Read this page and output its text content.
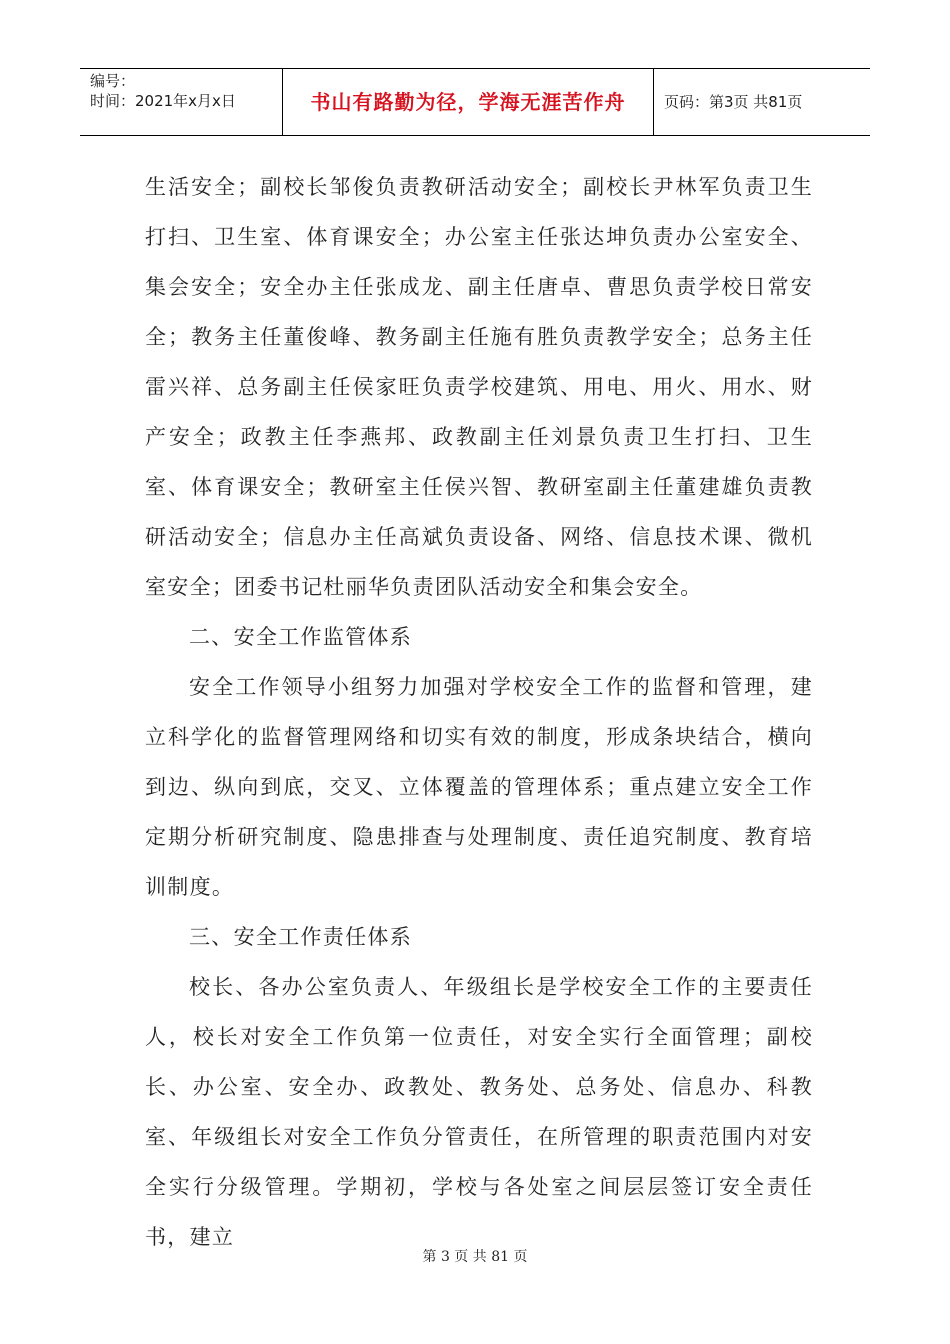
编号：
时间：2021年x月x日	书山有路勤为径，学海无涯苦作舟	页码：第3页 共81页

生活安全；副校长邹俊负责教研活动安全；副校长尹林军负责卫生打扫、卫生室、体育课安全；办公室主任张达坤负责办公室安全、集会安全；安全办主任张成龙、副主任唐卓、曹思负责学校日常安全；教务主任董俊峰、教务副主任施有胜负责教学安全；总务主任雷兴祥、总务副主任侯家旺负责学校建筑、用电、用火、用水、财产安全；政教主任李燕邦、政教副主任刘景负责卫生打扫、卫生室、体育课安全；教研室主任侯兴智、教研室副主任董建雄负责教研活动安全；信息办主任高斌负责设备、网络、信息技术课、微机室安全；团委书记杜丽华负责团队活动安全和集会安全。

二、安全工作监管体系

安全工作领导小组努力加强对学校安全工作的监督和管理，建立科学化的监督管理网络和切实有效的制度，形成条块结合，横向到边、纵向到底，交叉、立体覆盖的管理体系；重点建立安全工作定期分析研究制度、隐患排查与处理制度、责任追究制度、教育培训制度。

三、安全工作责任体系

校长、各办公室负责人、年级组长是学校安全工作的主要责任人，校长对安全工作负第一位责任，对安全实行全面管理；副校长、办公室、安全办、政教处、教务处、总务处、信息办、科教室、年级组长对安全工作负分管责任，在所管理的职责范围内对安全实行分级管理。学期初，学校与各处室之间层层签订安全责任书，建立

第 3 页 共 81 页
